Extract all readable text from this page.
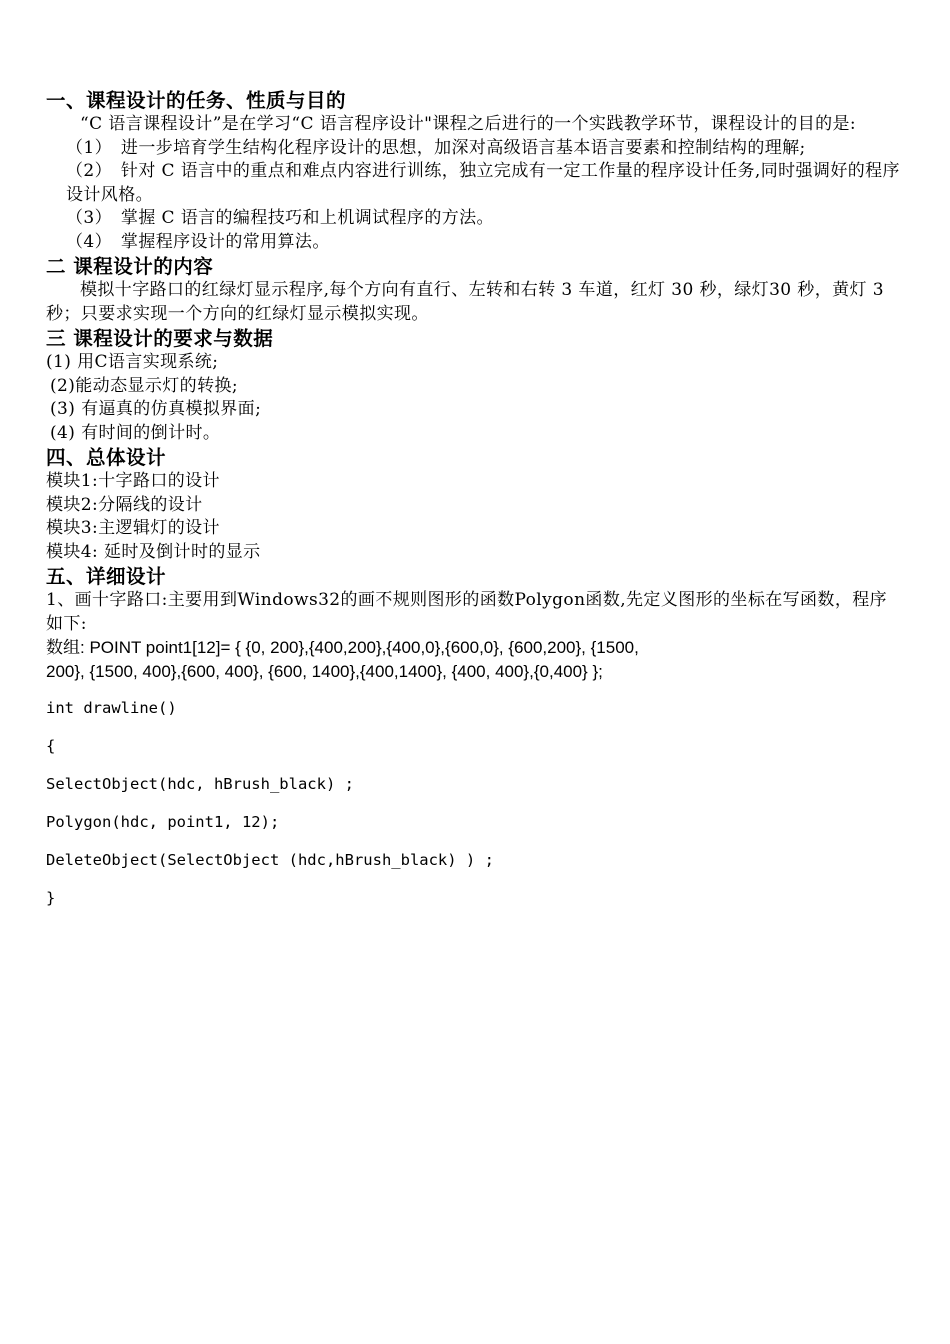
一、课程设计的任务、性质与目的

“C 语言课程设计”是在学习“C 语言程序设计"课程之后进行的一个实践教学环节，课程设计的目的是:

（1）　进一步培育学生结构化程序设计的思想，加深对高级语言基本语言要素和控制结构的理解;

（2）　针对 C 语言中的重点和难点内容进行训练，独立完成有一定工作量的程序设计任务,同时强调好的程序设计风格。

（3）　掌握 C 语言的编程技巧和上机调试程序的方法。

（4）　掌握程序设计的常用算法。

二 课程设计的内容

模拟十字路口的红绿灯显示程序,每个方向有直行、左转和右转 3 车道，红灯 30 秒，绿灯30 秒，黄灯 3 秒；只要求实现一个方向的红绿灯显示模拟实现。

三 课程设计的要求与数据

(1) 用C语言实现系统;

(2)能动态显示灯的转换;

(3) 有逼真的仿真模拟界面;

(4) 有时间的倒计时。

四、总体设计

模块1:十字路口的设计

模块2:分隔线的设计

模块3:主逻辑灯的设计

模块4: 延时及倒计时的显示

五、详细设计

1、画十字路口:主要用到Windows32的画不规则图形的函数Polygon函数,先定义图形的坐标在写函数，程序如下:

数组: POINT point1[12]= { {0, 200},{400,200},{400,0},{600,0}, {600,200}, {1500,

200}, {1500, 400},{600, 400}, {600, 1400},{400,1400}, {400, 400},{0,400} };

int drawline()

{

SelectObject(hdc, hBrush_black) ;

Polygon(hdc, point1, 12);

DeleteObject(SelectObject (hdc,hBrush_black) ) ;

}
